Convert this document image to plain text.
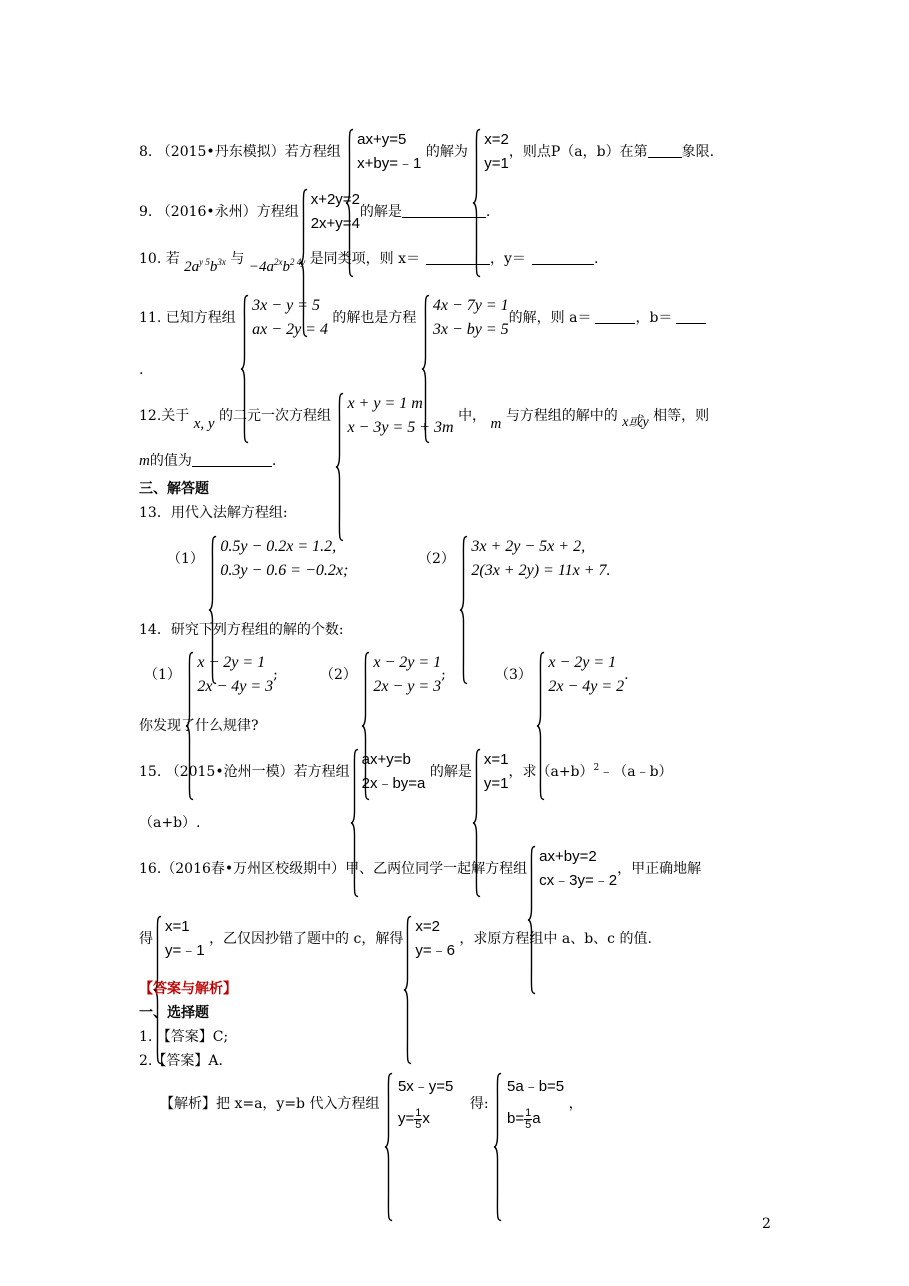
8. （2015•丹东模拟）若方程组
ax+y=5
x+by=﹣1
的解为
x=2
y=1
，则点P（a，b）在第 象限.
9. （2016•永州）方程组
x+2y=2
2x+y=4
的解是	.
10. 若 $2a^{y 5}b^{3x}$ 与 $-4a^{2x}b^{2 4y}$ 是同类项，则 x＝	，y＝	.
11. 已知方程组
3x − y = 5
ax − 2y = 4
的解也是方程
4x − 7y = 1
3x − by = 5
的解，则 a＝	，b＝
.
12.关于 x, y 的二元一次方程组
x + y = 1 m
x − 3y = 5 + 3m
中， m 与方程组的解中的 x或y 相等，则
m的值为	.
三、解答题
13．用代入法解方程组:
（1）
0.5y − 0.2x = 1.2,
0.3y − 0.6 = −0.2x;
（2）
3x + 2y − 5x + 2,
2(3x + 2y) = 11x + 7.
14．研究下列方程组的解的个数:
（1）
x − 2y = 1
2x − 4y = 3
;	（2）
x − 2y = 1
2x − y = 3
;	（3）
x − 2y = 1
2x − 4y = 2
.
你发现了什么规律?
15. （2015•沧州一模）若方程组
ax+y=b
2x﹣by=a
的解是
x=1
y=1
，求$(a+b)^2﹣(a﹣b)$
（a+b）.
16.（2016春•万州区校级期中）甲、乙两位同学一起解方程组
ax+by=2
cx﹣3y=﹣2
，甲正确地解
得
x=1
y=﹣1
，乙仅因抄错了题中的 c，解得
x=2
y=﹣6
，求原方程组中 a、b、c 的值.
【答案与解析】
一、选择题
1. 【答案】C;
2.【答案】A.
【解析】把 x=a，y=b 代入方程组
5x﹣y=5
$y= \frac{1}{5}$ x
得:
5a﹣b=5
$b= \frac{1}{5}$ a
，
2
